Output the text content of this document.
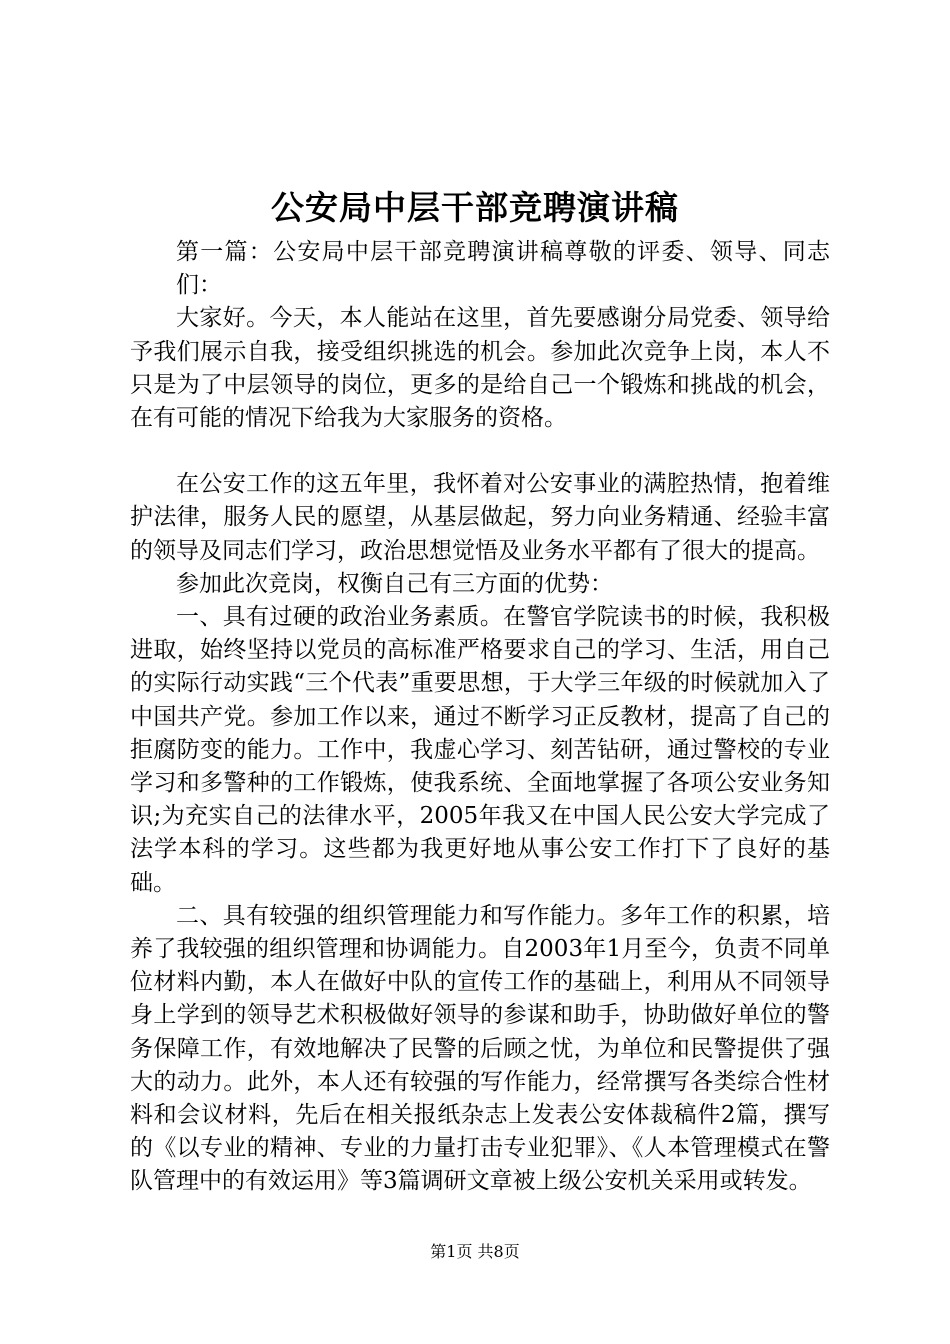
公安局中层干部竞聘演讲稿

第一篇：公安局中层干部竞聘演讲稿尊敬的评委、领导、同志们：

大家好。今天，本人能站在这里，首先要感谢分局党委、领导给予我们展示自我，接受组织挑选的机会。参加此次竞争上岗，本人不只是为了中层领导的岗位，更多的是给自己一个锻炼和挑战的机会，在有可能的情况下给我为大家服务的资格。

在公安工作的这五年里，我怀着对公安事业的满腔热情，抱着维护法律，服务人民的愿望，从基层做起，努力向业务精通、经验丰富的领导及同志们学习，政治思想觉悟及业务水平都有了很大的提高。

参加此次竞岗，权衡自己有三方面的优势：

一、具有过硬的政治业务素质。在警官学院读书的时候，我积极进取，始终坚持以党员的高标准严格要求自己的学习、生活，用自己的实际行动实践“三个代表”重要思想，于大学三年级的时候就加入了中国共产党。参加工作以来，通过不断学习正反教材，提高了自己的拒腐防变的能力。工作中，我虚心学习、刻苦钻研，通过警校的专业学习和多警种的工作锻炼，使我系统、全面地掌握了各项公安业务知识;为充实自己的法律水平，2005年我又在中国人民公安大学完成了法学本科的学习。这些都为我更好地从事公安工作打下了良好的基础。

二、具有较强的组织管理能力和写作能力。多年工作的积累，培养了我较强的组织管理和协调能力。自2003年1月至今，负责不同单位材料内勤，本人在做好中队的宣传工作的基础上，利用从不同领导身上学到的领导艺术积极做好领导的参谋和助手，协助做好单位的警务保障工作，有效地解决了民警的后顾之忧，为单位和民警提供了强大的动力。此外，本人还有较强的写作能力，经常撰写各类综合性材料和会议材料，先后在相关报纸杂志上发表公安体裁稿件2篇，撰写的《以专业的精神、专业的力量打击专业犯罪》、《人本管理模式在警队管理中的有效运用》等3篇调研文章被上级公安机关采用或转发。

第1页 共8页
